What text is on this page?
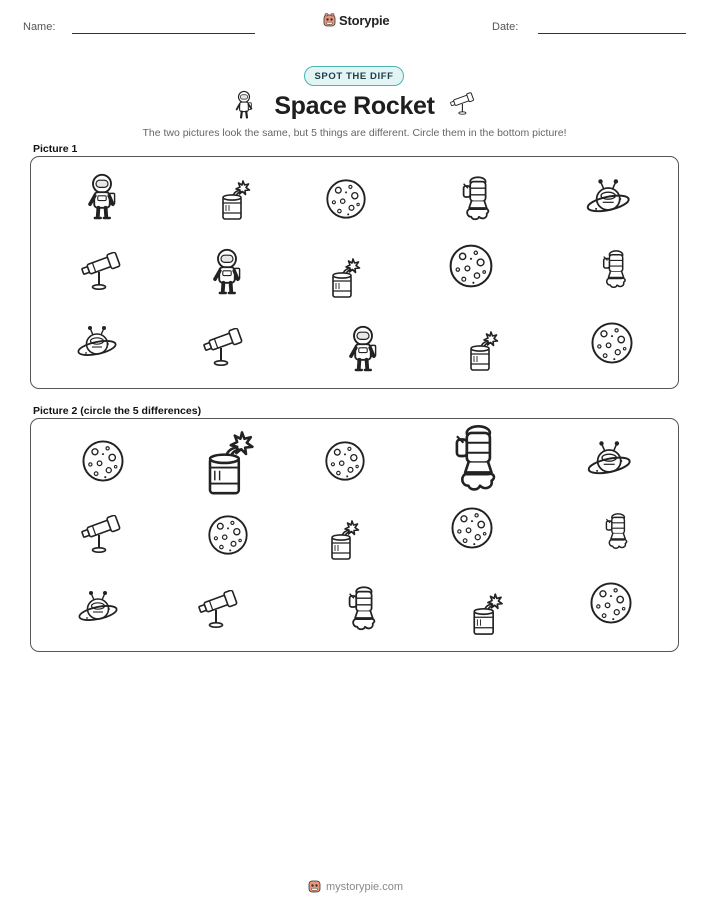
Name:	Storypie	Date:
SPOT THE DIFF
Space Rocket
The two pictures look the same, but 5 things are different. Circle them in the bottom picture!
Picture 1
Picture 2 (circle the 5 differences)
mystorypie.com
